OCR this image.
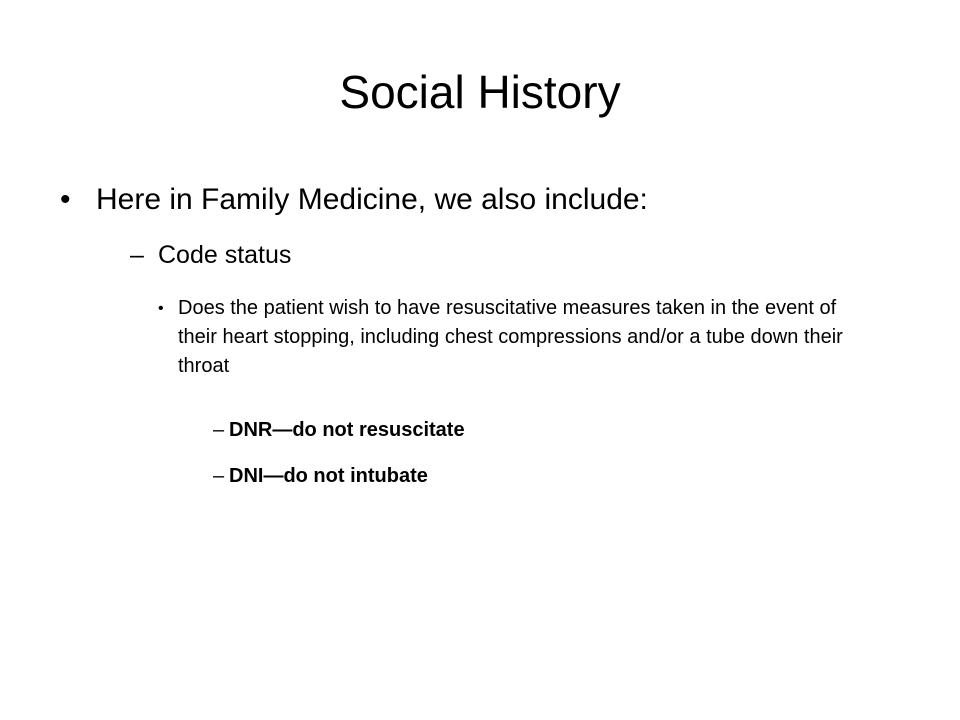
Social History
• Here in Family Medicine, we also include:
– Code status
• Does the patient wish to have resuscitative measures taken in the event of their heart stopping, including chest compressions and/or a tube down their throat
– DNR—do not resuscitate
– DNI—do not intubate
